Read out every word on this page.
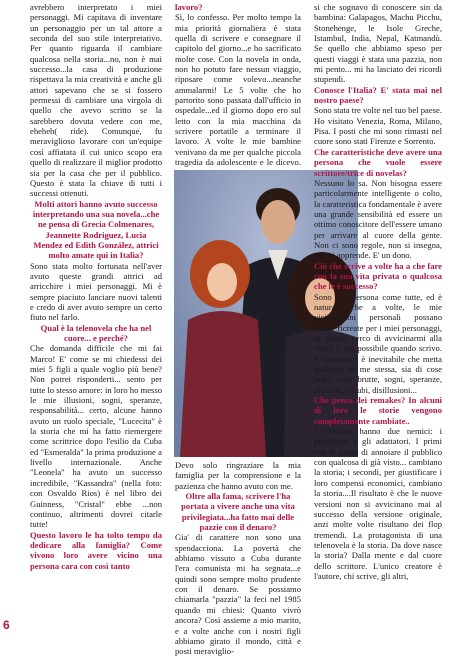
avrebbero interpretato i miei personaggi. Mi capitava di inventare un personaggio per un tal attore a seconda del suo stile interpretativo. Per quanto riguarda il cambiare qualcosa nella storia...no, non è mai successo...la casa di produzione rispettava la mia creatività e anche gli attori sapevano che se si fossero permessi di cambiare una virgola di quello che avevo scritto se la sarebbero dovuta vedere con me, eheheh( ride). Comunque, fu meraviglioso lavorare con un'equipe così affiatata il cui unico scopo era quello di realizzare il miglior prodotto sia per la casa che per il pubblico. Questo è stata la chiave di tutti i successi ottenuti.

Molti attori hanno avuto successo interpretando una sua novela...che ne pensa di Grecia Colmenares, Jeannette Rodriguez, Lucia Mendez ed Edith González, attrici molto amate qui in Italia?

Sono stata molto fortunata nell'aver avuto queste grandi attrici ad arricchire i miei personaggi. Mi è sempre piaciuto lanciare nuovi talenti e credo di aver avuto sempre un certo fiuto nel farlo.

Qual è la telenovela che ha nel cuore... e perché?

Che domanda difficile che mi fai Marco! E' come se mi chiedessi dei miei 5 figli a quale voglio più bene? Non potrei risponderti... sento per tutte lo stesso amore: in loro ho messo le mie illusioni, sogni, speranze, responsabilità... certo, alcune hanno avuto un ruolo speciale, "Lucecita" è la storia che mi ha fatto riemergere come scrittrice dopo l'esilio da Cuba ed "Esmeralda" la prima produzione a livello internazionale. Anche "Leonela" ha avuto un successo incredibile, "Kassandra" (nella foto: con Osvaldo Rios) è nel libro dei Guinness, "Cristal" ebbe ...non continuo, altrimenti dovrei citarle tutte!

Questo lavoro le ha tolto tempo da dedicare alla famiglia? Come vivono loro avere vicino una persona cara con così tanto

lavoro?

Sì, lo confesso. Per molto tempo la mia priorità giornaliera è stata quella di scrivere e consegnare il capitolo del giorno...e ho sacrificato molte cose. Con la novela in onda, non ho potuto fare nessun viaggio, riposare come volevo...neanche ammalarmi! Le 5 volte che ho partorito sono passata dall'ufficio in ospedale...ed il giorno dopo ero sul letto con la mia macchina da scrivere portatile a terminare il lavoro. A volte le mie bambine venivano da me per qualche piccola tragedia da adolescente e le dicevo.

Devo solo ringraziare la mia famiglia per la comprensione e la pazienza che hanno avuto con me.

Oltre alla fama, scrivere l'ha portata a vivere anche una vita privilegiata...ha fatto mai delle pazzie con il denaro?

Gia' di carattere non sono una spendacciona. La povertà che abbiamo vissuto a Cuba durante l'era comunista mi ha segnata...e quindi sono sempre molto prudente con il denaro. Se possiamo chiamarla "pazzia" la feci nel 1985 quando mi chiesi: Quanto vivrò ancora? Così assieme a mio marito, e a volte anche con i nostri figli abbiamo girato il mondo, città e posti meraviglio-

si che sognavo di conoscere sin da bambina: Galapagos, Machu Picchu, Stonehenge, le Isole Greche, Istambul, India, Nepal, Katmandù. Se quello che abbiamo speso per questi viaggi è stata una pazzia, non mi pento... mi ha lasciato dei ricordi stupendi.

Conosce l'Italia? E' stata mai nel nostro paese?

Sono stata tre volte nel tuo bel paese. Ho visitato Venezia, Roma, Milano, Pisa. I posti che mi sono rimasti nel cuore sono stati Firenze e Sorrento.

Che caratteristiche deve avere una persona che vuole essere scrittore/trice di novelas?

Nessuno lo sa. Non bisogna essere particolarmente intelligente o colto, la caratteristica fondamentale è avere una grande sensibilità ed essere un ottimo conoscitore dell'essere umano per arrivare al cuore della gente. Non ci sono regole, non si insegna, non si apprende. E' un dono.

Ciò che scrive a volte ha a che fare con la sua vita privata o qualcosa che le è successo?

Sono una persona come tutte, ed è naturale che a volte, le mie vicissitudini personali possano essere ricreate per i miei personaggi, in quanto cerco di avvicinarmi alla realtà il più possibile quando scrivo. E comunque è inevitabile che metta qualcosa di me stessa, sia di cose belle, cose brutte, sogni, speranze, illusioni, incubi, disillusioni...

Che pensa dei remakes? In alcuni di loro le storie vengono completamente cambiate..

I remakes hanno due nemici: i produttori e gli adattatori. I primi con la paura di annoiare il pubblico con qualcosa di già visto... cambiano la storia; i secondi, per giustificare i loro compensi economici, cambiano la storia....Il risultato è che le nuove versioni non si avvicinano mai al successo della versione originale, anzi molte volte risultano dei flop tremendi. La protagonista di una telenovela è la storia. Da dove nasce la storia? Dalla mente e dal cuore dello scrittore. L'unico creatore è l'autore, chi scrive, gli altri,

6
